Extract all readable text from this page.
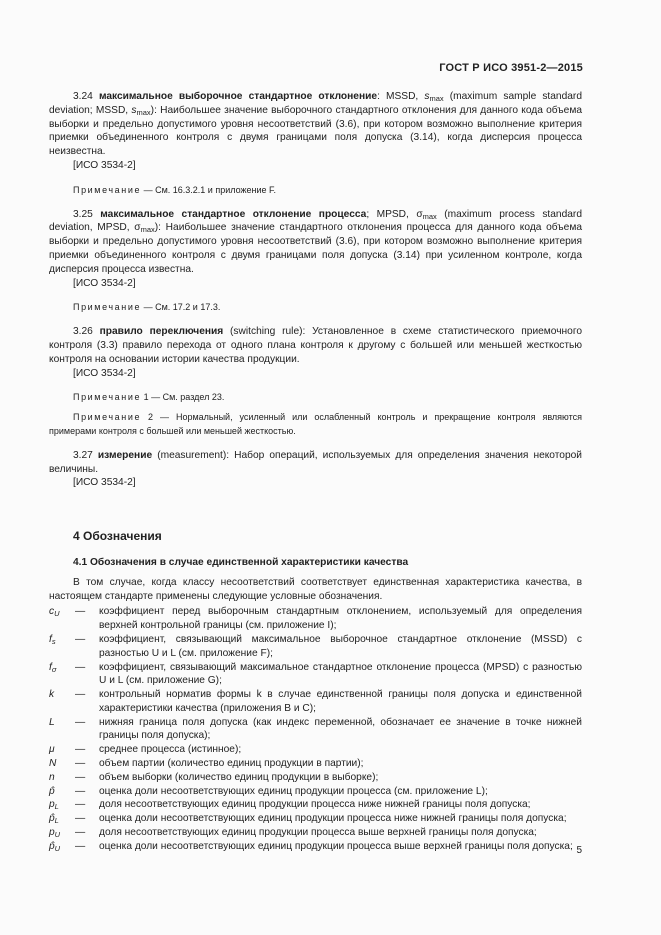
ГОСТ Р ИСО 3951-2—2015

3.24 максимальное выборочное стандартное отклонение: MSSD, $s_{max}$ (maximum sample standard deviation; MSSD, $s_{max}$): Наибольшее значение выборочного стандартного отклонения для данного кода объема выборки и предельно допустимого уровня несоответствий (3.6), при котором возможно выполнение критерия приемки объединенного контроля с двумя границами поля допуска (3.14), когда дисперсия процесса неизвестна.

[ИСО 3534-2]

Примечание — См. 16.3.2.1 и приложение F.

3.25 максимальное стандартное отклонение процесса; MPSD, $\sigma_{max}$ (maximum process standard deviation, MPSD, $\sigma_{max}$): Наибольшее значение стандартного отклонения процесса для данного кода объема выборки и предельно допустимого уровня несоответствий (3.6), при котором возможно выполнение критерия приемки объединенного контроля с двумя границами поля допуска (3.14) при усиленном контроле, когда дисперсия процесса известна.

[ИСО 3534-2]

Примечание — См. 17.2 и 17.3.

3.26 правило переключения (switching rule): Установленное в схеме статистического приемочного контроля (3.3) правило перехода от одного плана контроля к другому с большей или меньшей жесткостью контроля на основании истории качества продукции.

[ИСО 3534-2]

Примечание 1 — См. раздел 23.

Примечание 2 — Нормальный, усиленный или ослабленный контроль и прекращение контроля являются примерами контроля с большей или меньшей жесткостью.

3.27 измерение (measurement): Набор операций, используемых для определения значения некоторой величины.

[ИСО 3534-2]

4 Обозначения
4.1 Обозначения в случае единственной характеристики качества

В том случае, когда классу несоответствий соответствует единственная характеристика качества, в настоящем стандарте применены следующие условные обозначения.

$c_U$	—	коэффициент перед выборочным стандартным отклонением, используемый для определения верхней контрольной границы (см. приложение I);
$f_s$	—	коэффициент, связывающий максимальное выборочное стандартное отклонение (MSSD) с разностью U и L (см. приложение F);
$f_\sigma$	—	коэффициент, связывающий максимальное стандартное отклонение процесса (MPSD) с разностью U и L (см. приложение G);
k	—	контрольный норматив формы k в случае единственной границы поля допуска и единственной характеристики качества (приложения B и C);
L	—	нижняя граница поля допуска (как индекс переменной, обозначает ее значение в точке нижней границы поля допуска);
μ	—	среднее процесса (истинное);
N	—	объем партии (количество единиц продукции в партии);
n	—	объем выборки (количество единиц продукции в выборке);
p̂	—	оценка доли несоответствующих единиц продукции процесса (см. приложение L);
$p_L$	—	доля несоответствующих единиц продукции процесса ниже нижней границы поля допуска;
$p̂_L$	—	оценка доли несоответствующих единиц продукции процесса ниже нижней границы поля допуска;
$p_U$	—	доля несоответствующих единиц продукции процесса выше верхней границы поля допуска;
$p̂_U$	—	оценка доли несоответствующих единиц продукции процесса выше верхней границы поля допуска; 5
